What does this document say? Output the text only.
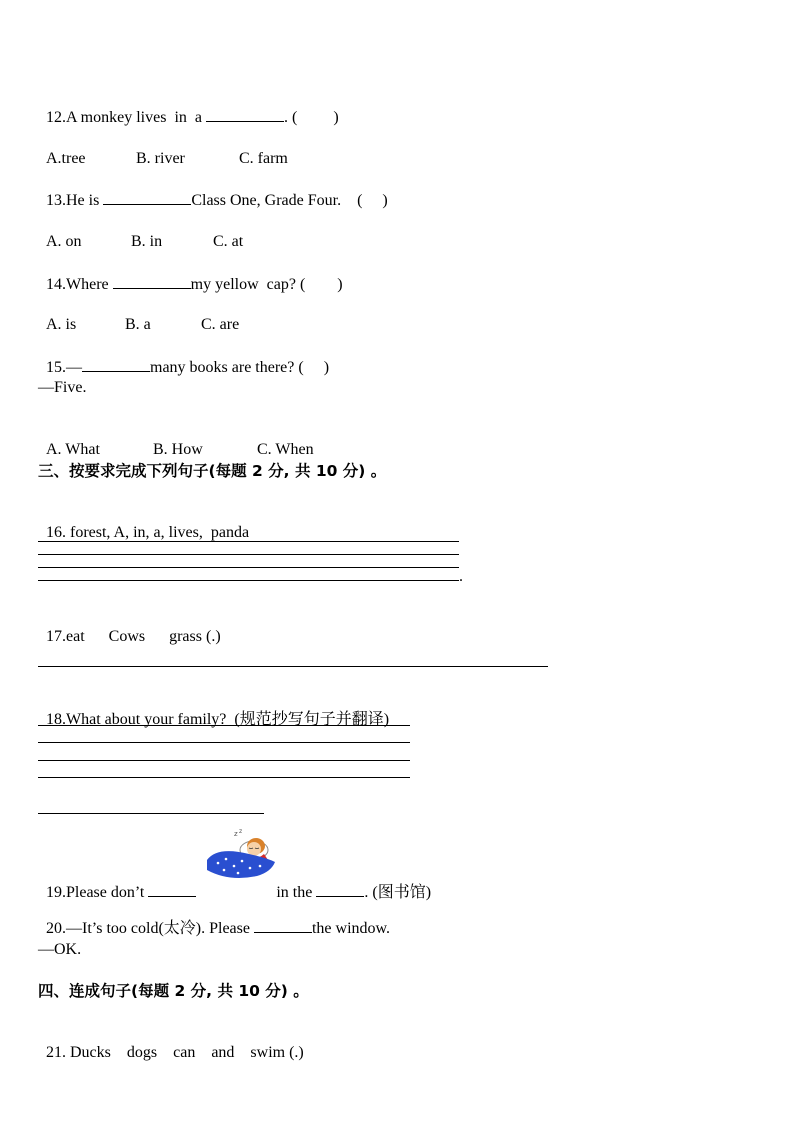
12.A monkey lives  in  a	. (         )

A.tree	B. river	C. farm

13.He is	Class One, Grade Four.    (     )

A. on	B. in	C. at

14.Where	my yellow  cap? (        )

A. is	B. a	C. are

15.—	many books are there? (     )

—Five.

A. What	B. How	C. When

三、按要求完成下列句子(每题 2 分, 共 10 分) 。

16. forest, A, in, a, lives,  panda

.

17.eat      Cows      grass (.)

18.What about your family?  (规范抄写句子并翻译)

z z

19.Please don’t	in the	. (图书馆)

20.—It’s too cold(太冷). Please	the window.

—OK.
四、连成句子(每题 2 分, 共 10 分) 。

21. Ducks    dogs    can    and    swim (.)
